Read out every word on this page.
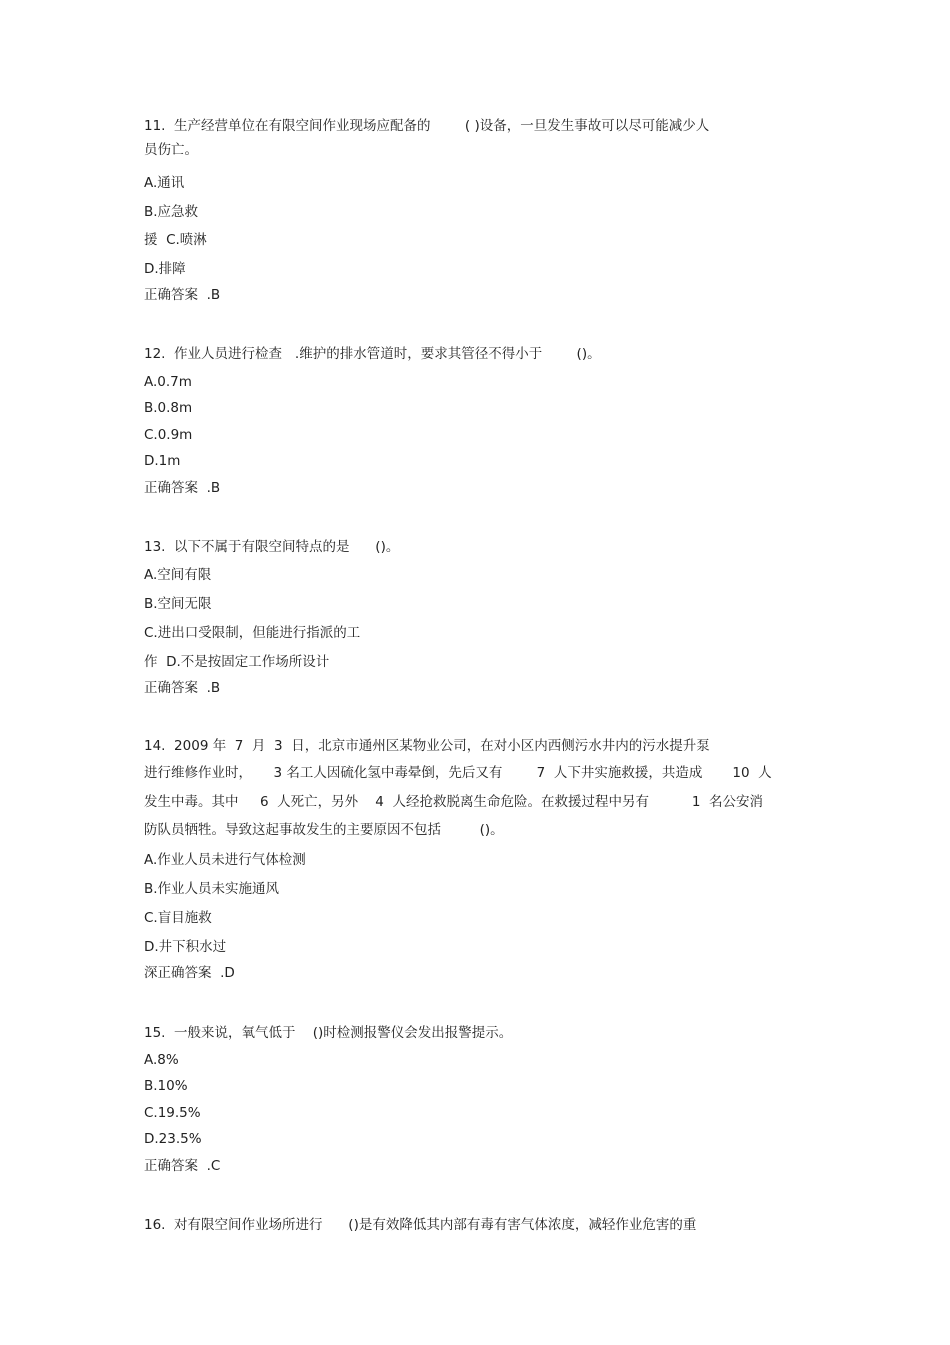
11.  生产经营单位在有限空间作业现场应配备的        ( )设备，一旦发生事故可以尽可能减少人
员伤亡。
A.通讯
B.应急救
援  C.喷淋
D.排障
正确答案  .B
12.  作业人员进行检查   .维护的排水管道时，要求其管径不得小于        ()。
A.0.7m
B.0.8m
C.0.9m
D.1m
正确答案  .B
13.  以下不属于有限空间特点的是      ()。
A.空间有限
B.空间无限
C.进出口受限制，但能进行指派的工
作  D.不是按固定工作场所设计
正确答案  .B
14.  2009 年  7  月  3  日，北京市通州区某物业公司，在对小区内西侧污水井内的污水提升泵
进行维修作业时，     3 名工人因硫化氢中毒晕倒，先后又有        7  人下井实施救援，共造成       10  人
发生中毒。其中     6  人死亡，另外    4  人经抢救脱离生命危险。在救援过程中另有          1  名公安消
防队员牺牲。导致这起事故发生的主要原因不包括         ()。
A.作业人员未进行气体检测
B.作业人员未实施通风
C.盲目施救
D.井下积水过
深正确答案  .D
15.  一般来说，氧气低于    ()时检测报警仪会发出报警提示。
A.8%
B.10%
C.19.5%
D.23.5%
正确答案  .C
16.  对有限空间作业场所进行      ()是有效降低其内部有毒有害气体浓度，减轻作业危害的重
